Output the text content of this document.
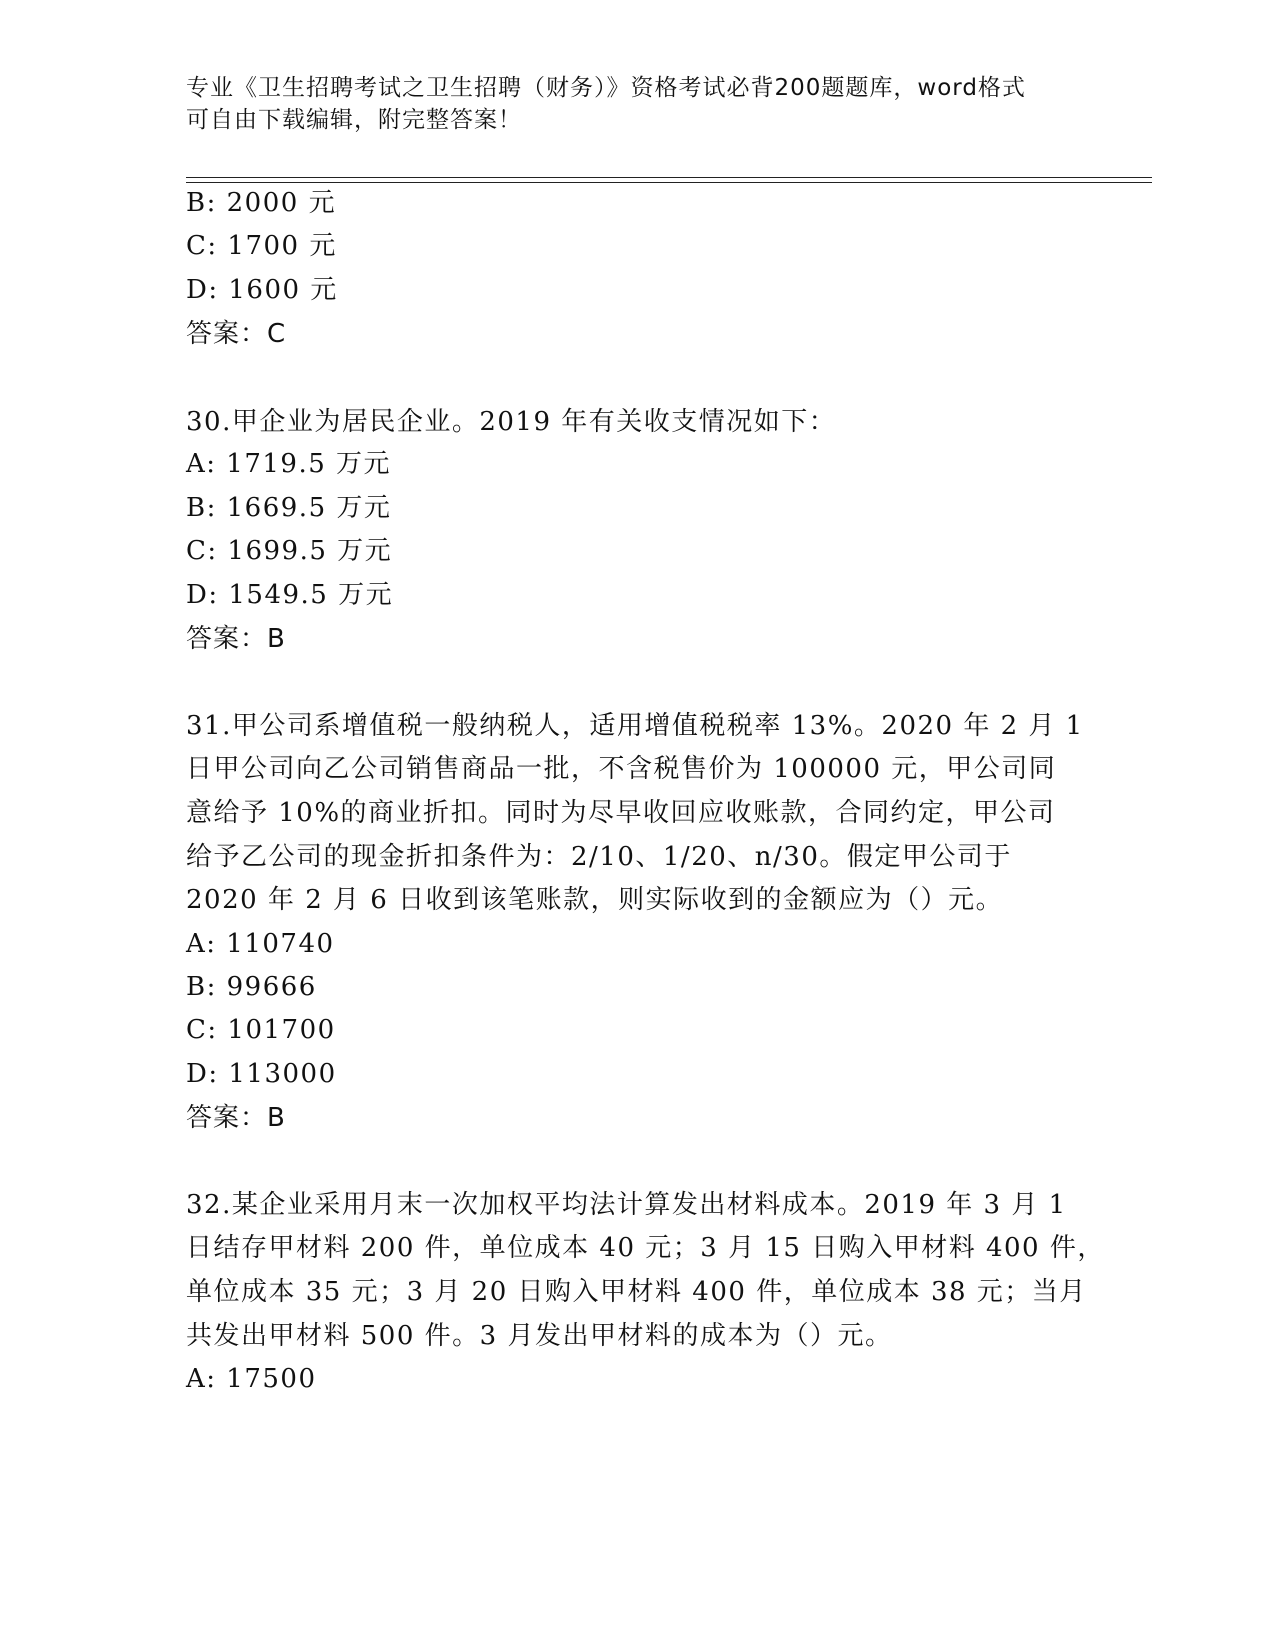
专业《卫生招聘考试之卫生招聘（财务）》资格考试必背200题题库，word格式
可自由下载编辑，附完整答案！
B: 2000 元
C: 1700 元
D: 1600 元
答案：C
30.甲企业为居民企业。2019 年有关收支情况如下：
A: 1719.5 万元
B: 1669.5 万元
C: 1699.5 万元
D: 1549.5 万元
答案：B
31.甲公司系增值税一般纳税人，适用增值税税率 13%。2020 年 2 月 1
日甲公司向乙公司销售商品一批，不含税售价为 100000 元，甲公司同
意给予 10%的商业折扣。同时为尽早收回应收账款，合同约定，甲公司
给予乙公司的现金折扣条件为：2/10、1/20、n/30。假定甲公司于
2020 年 2 月 6 日收到该笔账款，则实际收到的金额应为（）元。
A: 110740
B: 99666
C: 101700
D: 113000
答案：B
32.某企业采用月末一次加权平均法计算发出材料成本。2019 年 3 月 1
日结存甲材料 200 件，单位成本 40 元；3 月 15 日购入甲材料 400 件，
单位成本 35 元；3 月 20 日购入甲材料 400 件，单位成本 38 元；当月
共发出甲材料 500 件。3 月发出甲材料的成本为（）元。
A: 17500
